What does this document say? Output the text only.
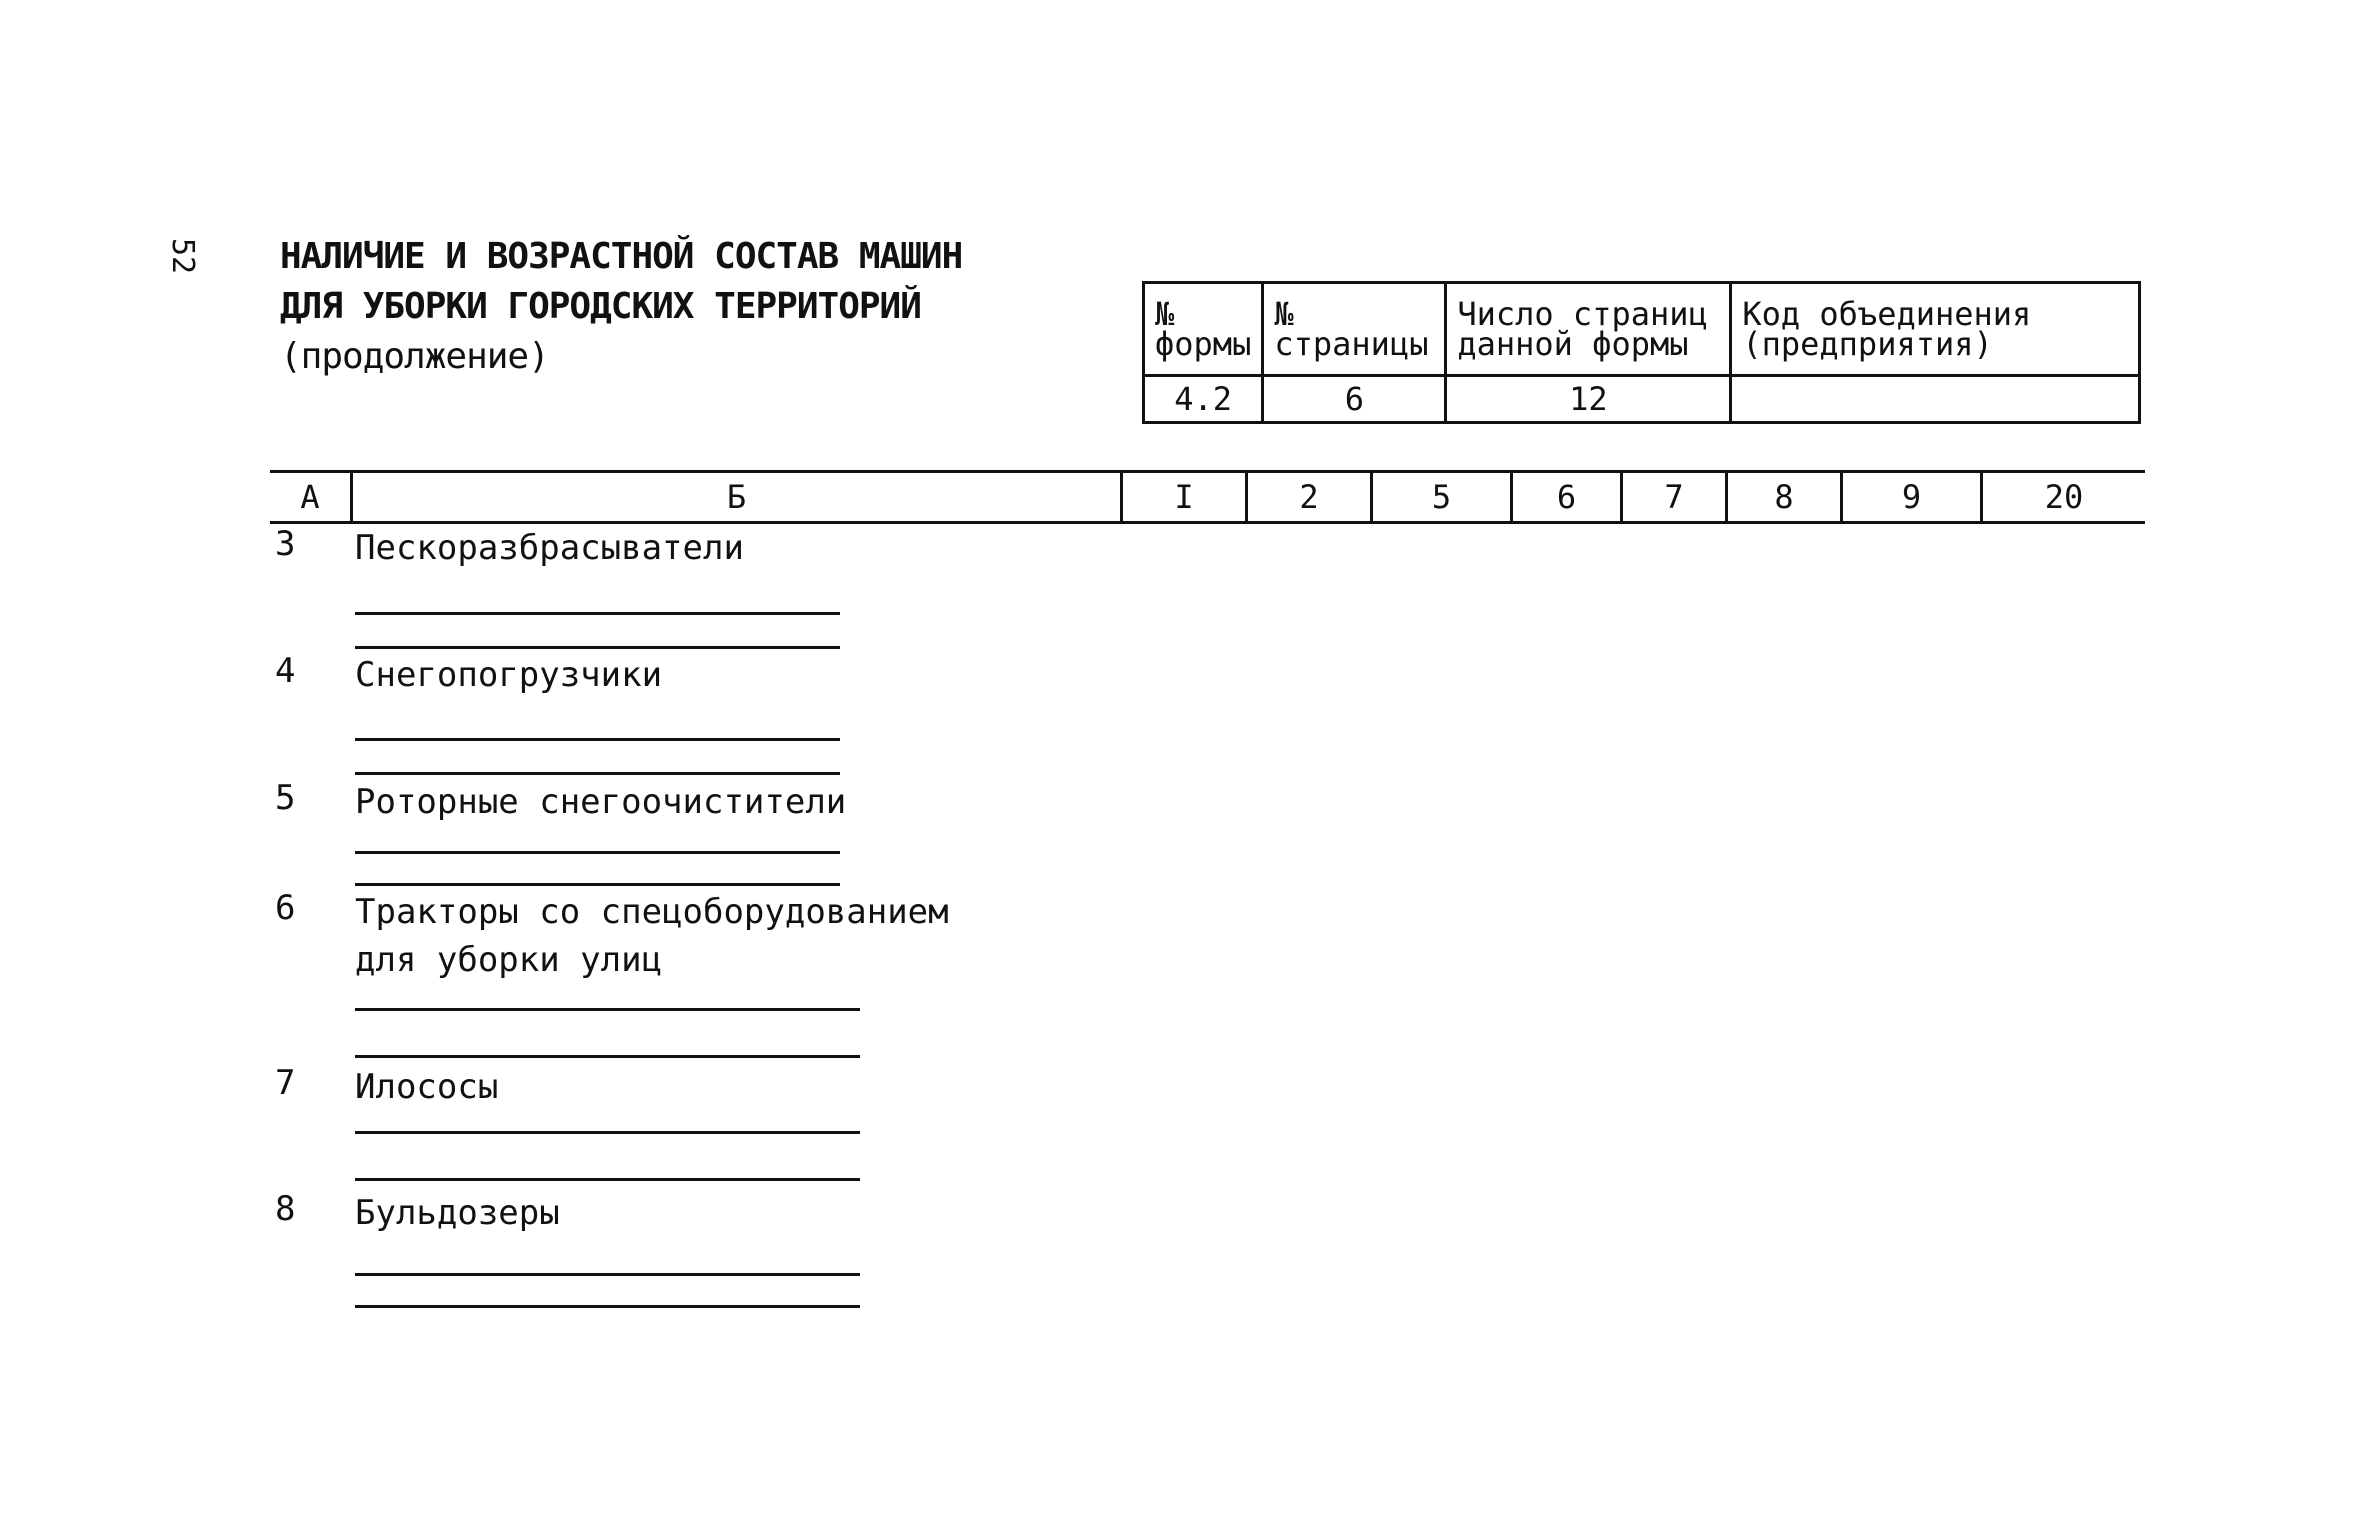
52 НАЛИЧИЕ И ВОЗРАСТНОЙ СОСТАВ МАШИН
ДЛЯ УБОРКИ ГОРОДСКИХ ТЕРРИТОРИЙ
(продолжение)
№ формы	№ страницы	Число страниц данной формы	Код объединения (предприятия)
4.2	6	12	
А	Б	I	2	5	6	7	8	9	20
3	Пескоразбрасыватели
4	Снегопогрузчики
5	Роторные снегоочистители
6	Тракторы со спецоборудованием
для уборки улиц
7	Илососы
8	Бульдозеры
